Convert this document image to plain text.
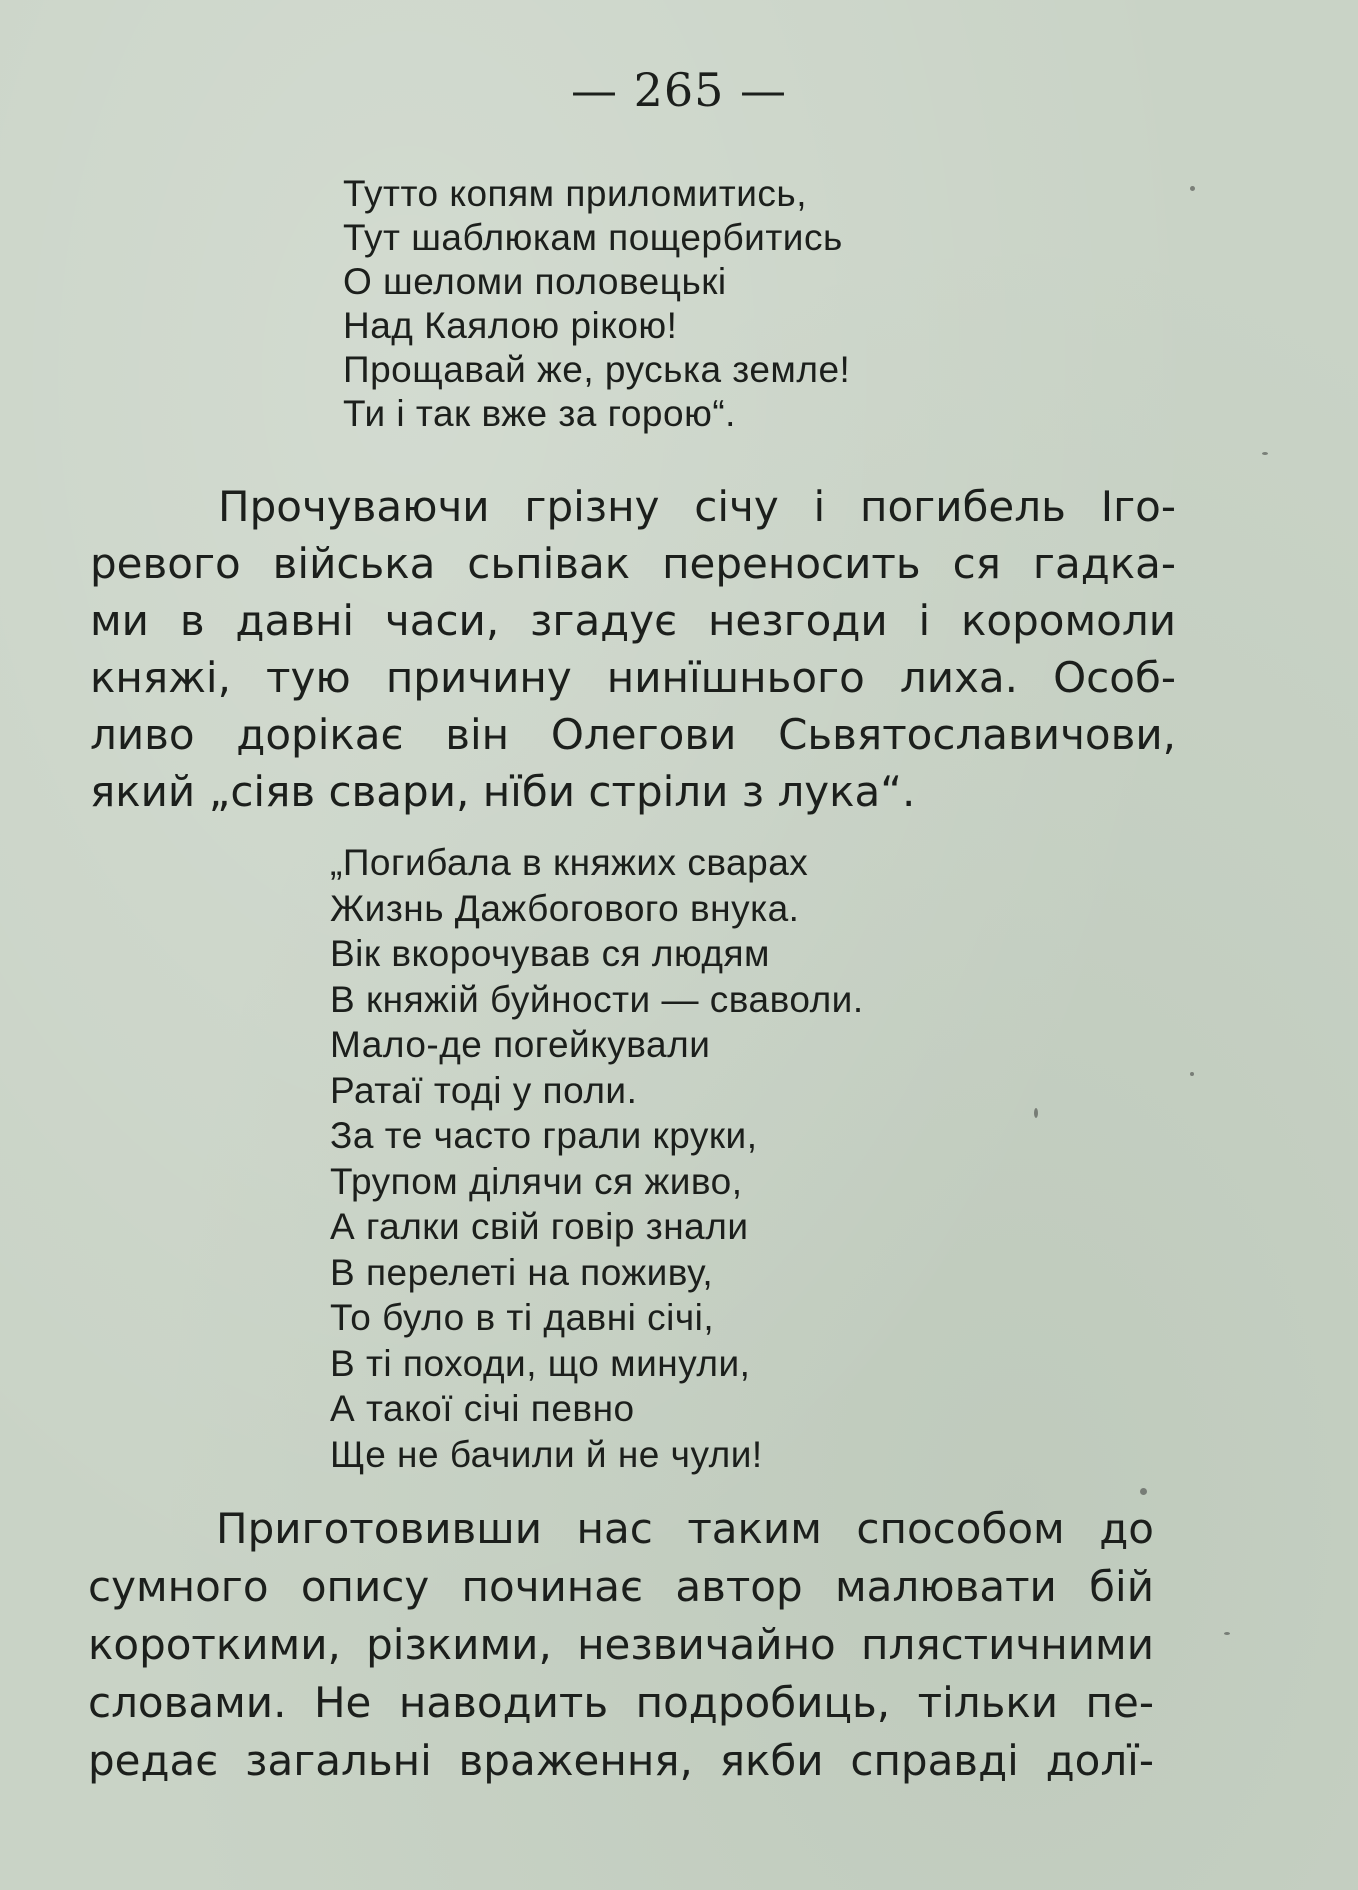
— 265 —
Тутто копям приломитись,
Тут шаблюкам пощербитись
О шеломи половецькі
Над Каялою рікою!
Прощавай же, руська земле!
Ти і так вже за горою“.
Прочуваючи грізну січу і погибель Іго-
ревого війська сьпівак переносить ся гадка-
ми в давні часи, згадує незгоди і коромоли
княжі, тую причину нинїшнього лиха. Особ-
ливо дорікає він Олегови Сьвятославичови,
який „сіяв свари, нїби стріли з лука“.
„Погибала в княжих сварах
Жизнь Дажбогового внука.
Вік вкорочував ся людям
В княжій буйности — сваволи.
Мало-де погейкували
Ратаї тоді у поли.
За те часто грали круки,
Трупом ділячи ся живо,
А галки свій говір знали
В перелеті на поживу,
То було в ті давні січі,
В ті походи, що минули,
А такої січі певно
Ще не бачили й не чули!
Приготовивши нас таким способом до
сумного опису починає автор малювати бій
короткими, різкими, незвичайно плястичними
словами. Не наводить подробиць, тільки пе-
редає загальні враження, якби справді долї-
